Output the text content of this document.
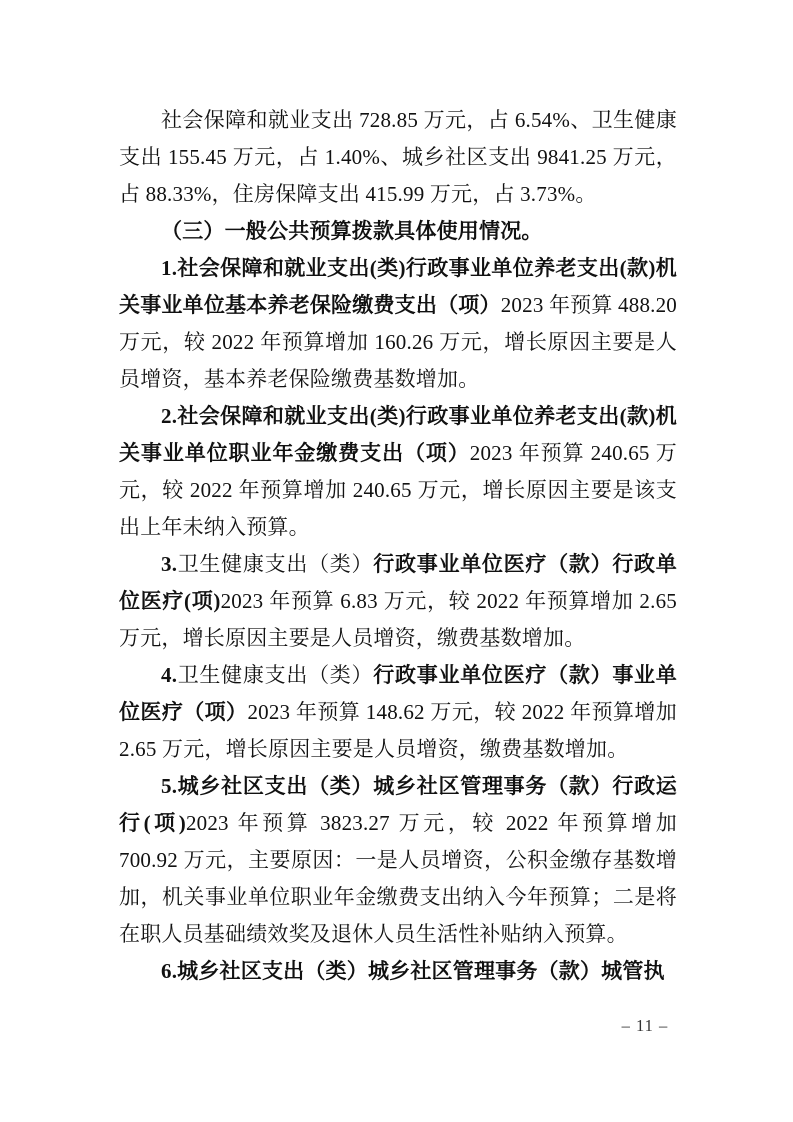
社会保障和就业支出 728.85 万元，占 6.54%、卫生健康支出 155.45 万元，占 1.40%、城乡社区支出 9841.25 万元，占 88.33%，住房保障支出 415.99 万元，占 3.73%。

（三）一般公共预算拨款具体使用情况。

1.社会保障和就业支出(类)行政事业单位养老支出(款)机关事业单位基本养老保险缴费支出（项）2023 年预算 488.20 万元，较 2022 年预算增加 160.26 万元，增长原因主要是人员增资，基本养老保险缴费基数增加。

2.社会保障和就业支出(类)行政事业单位养老支出(款)机关事业单位职业年金缴费支出（项）2023 年预算 240.65 万元，较 2022 年预算增加 240.65 万元，增长原因主要是该支出上年未纳入预算。

3.卫生健康支出（类）行政事业单位医疗（款）行政单位医疗(项)2023 年预算 6.83 万元，较 2022 年预算增加 2.65 万元，增长原因主要是人员增资，缴费基数增加。

4.卫生健康支出（类）行政事业单位医疗（款）事业单位医疗（项）2023 年预算 148.62 万元，较 2022 年预算增加 2.65 万元，增长原因主要是人员增资，缴费基数增加。

5.城乡社区支出（类）城乡社区管理事务（款）行政运行(项)2023 年预算 3823.27 万元，较 2022 年预算增加 700.92 万元，主要原因：一是人员增资，公积金缴存基数增加，机关事业单位职业年金缴费支出纳入今年预算；二是将在职人员基础绩效奖及退休人员生活性补贴纳入预算。

6.城乡社区支出（类）城乡社区管理事务（款）城管执

– 11 –
